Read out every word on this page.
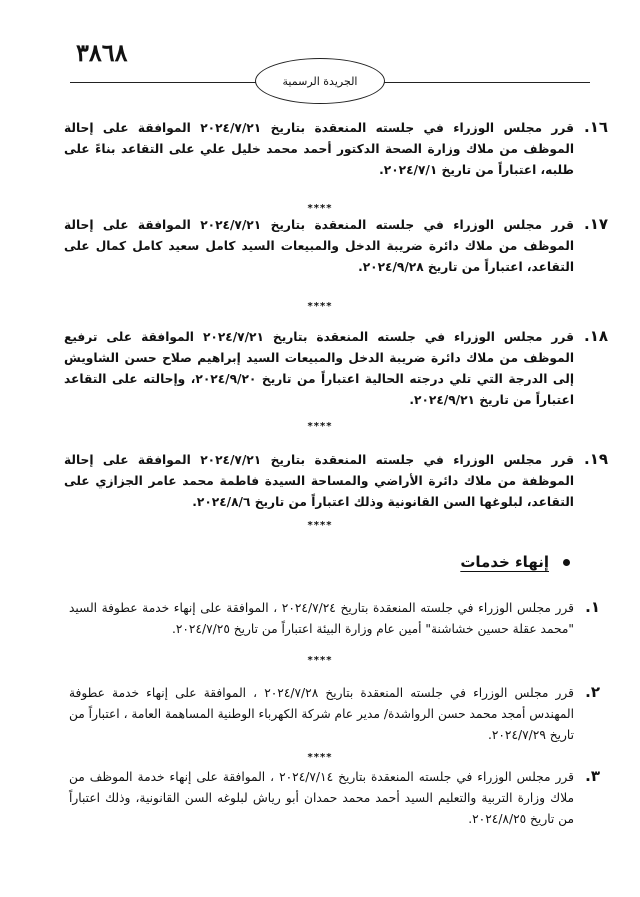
٣٨٦٨
الجريدة الرسمية
١٦.

قرر مجلس الوزراء في جلسته المنعقدة بتاريخ ٢٠٢٤/٧/٢١ الموافقة على إحالة الموظف من ملاك وزارة الصحة الدكتور أحمد محمد خليل علي على التقاعد بناءً على طلبه، اعتباراً من تاريخ ٢٠٢٤/٧/١.

****
١٧.

قرر مجلس الوزراء في جلسته المنعقدة بتاريخ ٢٠٢٤/٧/٢١ الموافقة على إحالة الموظف من ملاك دائرة ضريبة الدخل والمبيعات السيد كامل سعيد كامل كمال على التقاعد، اعتباراً من تاريخ ٢٠٢٤/٩/٢٨.

****
١٨.

قرر مجلس الوزراء في جلسته المنعقدة بتاريخ ٢٠٢٤/٧/٢١ الموافقة على ترفيع الموظف من ملاك دائرة ضريبة الدخل والمبيعات السيد إبراهيم صلاح حسن الشاويش إلى الدرجة التي تلي درجته الحالية اعتباراً من تاريخ ٢٠٢٤/٩/٢٠، وإحالته على التقاعد اعتباراً من تاريخ ٢٠٢٤/٩/٢١.

****
١٩.

قرر مجلس الوزراء في جلسته المنعقدة بتاريخ ٢٠٢٤/٧/٢١ الموافقة على إحالة الموظفة من ملاك دائرة الأراضي والمساحة السيدة فاطمة محمد عامر الجزازي على التقاعد، لبلوغها السن القانونية وذلك اعتباراً من تاريخ ٢٠٢٤/٨/٦.

****
إنهاء خدمات
١.

قرر مجلس الوزراء في جلسته المنعقدة بتاريخ ٢٠٢٤/٧/٢٤ ، الموافقة على إنهاء خدمة عطوفة السيد "محمد عقلة حسين خشاشنة" أمين عام وزارة البيئة اعتباراً من تاريخ ٢٠٢٤/٧/٢٥.

****
٢.

قرر مجلس الوزراء في جلسته المنعقدة بتاريخ ٢٠٢٤/٧/٢٨ ، الموافقة على إنهاء خدمة عطوفة المهندس أمجد محمد حسن الرواشدة/ مدير عام شركة الكهرباء الوطنية المساهمة العامة ، اعتباراً من تاريخ ٢٠٢٤/٧/٢٩.

****
٣.

قرر مجلس الوزراء في جلسته المنعقدة بتاريخ ٢٠٢٤/٧/١٤ ، الموافقة على إنهاء خدمة الموظف من ملاك وزارة التربية والتعليم السيد أحمد محمد حمدان أبو رياش لبلوغه السن القانونية، وذلك اعتباراً من تاريخ ٢٠٢٤/٨/٢٥.
